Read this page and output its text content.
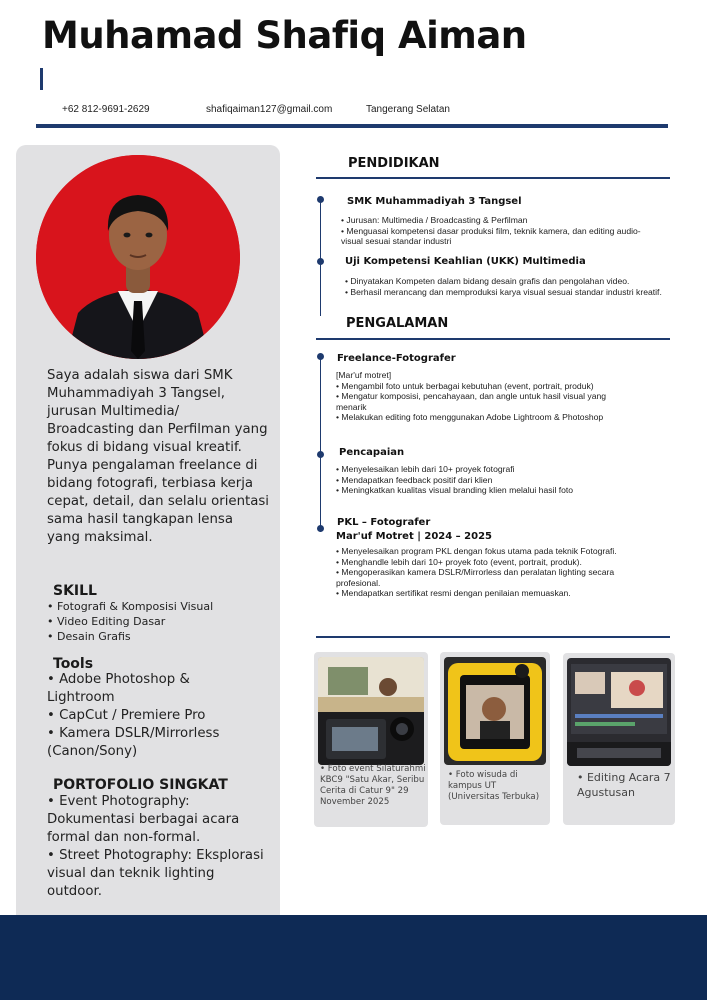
Muhamad Shafiq Aiman
+62 812-9691-2629	shafiqaiman127@gmail.com	Tangerang Selatan
Saya adalah siswa dari SMK Muhammadiyah 3 Tangsel, jurusan Multimedia/ Broadcasting dan Perfilman yang fokus di bidang visual kreatif. Punya pengalaman freelance di bidang fotografi, terbiasa kerja cepat, detail, dan selalu orientasi sama hasil tangkapan lensa yang maksimal.
SKILL
• Fotografi & Komposisi Visual
• Video Editing Dasar
• Desain Grafis
Tools
• Adobe Photoshop & Lightroom
• CapCut / Premiere Pro
• Kamera DSLR/Mirrorless (Canon/Sony)
PORTOFOLIO SINGKAT
• Event Photography: Dokumentasi berbagai acara formal dan non-formal.
• Street Photography: Eksplorasi visual dan teknik lighting outdoor.
PENDIDIKAN
SMK Muhammadiyah 3 Tangsel
• Jurusan: Multimedia / Broadcasting & Perfilman
• Menguasai kompetensi dasar produksi film, teknik kamera, dan editing audio-visual sesuai standar industri
Uji Kompetensi Keahlian (UKK) Multimedia
• Dinyatakan Kompeten dalam bidang desain grafis dan pengolahan video.
• Berhasil merancang dan memproduksi karya visual sesuai standar industri kreatif.
PENGALAMAN
Freelance-Fotografer
[Mar'uf motret]
• Mengambil foto untuk berbagai kebutuhan (event, portrait, produk)
• Mengatur komposisi, pencahayaan, dan angle untuk hasil visual yang menarik
• Melakukan editing foto menggunakan Adobe Lightroom & Photoshop
Pencapaian
• Menyelesaikan lebih dari 10+ proyek fotografi
• Mendapatkan feedback positif dari klien
• Meningkatkan kualitas visual branding klien melalui hasil foto
PKL – Fotografer
Mar'uf Motret | 2024 – 2025
• Menyelesaikan program PKL dengan fokus utama pada teknik Fotografi.
• Menghandle lebih dari 10+ proyek foto (event, portrait, produk).
• Mengoperasikan kamera DSLR/Mirrorless dan peralatan lighting secara profesional.
• Mendapatkan sertifikat resmi dengan penilaian memuaskan.
• Foto event Silaturahmi KBC9 "Satu Akar, Seribu Cerita di Catur 9" 29 November 2025
• Foto wisuda di kampus UT (Universitas Terbuka)
• Editing Acara 7 Agustusan
